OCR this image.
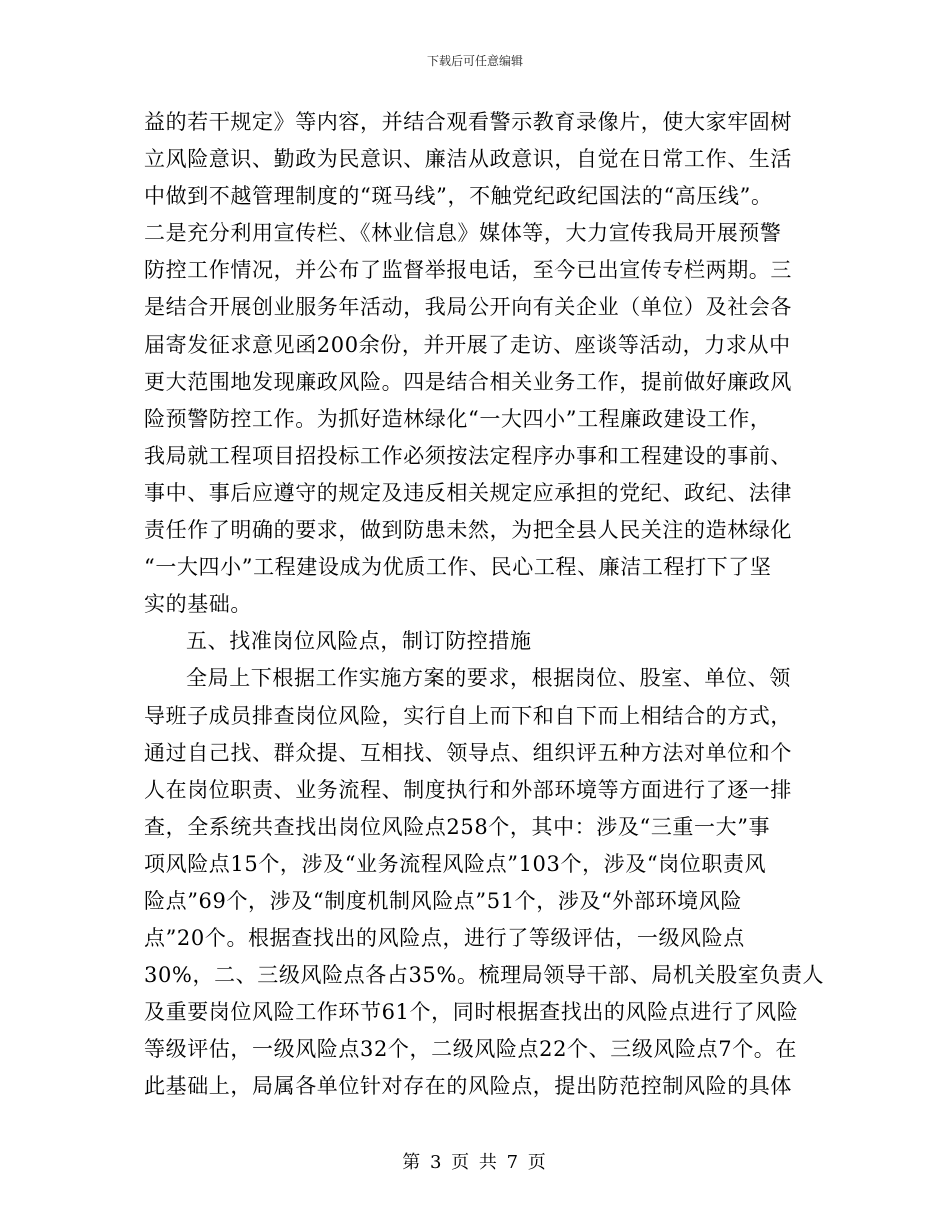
下载后可任意编辑
益的若干规定》等内容，并结合观看警示教育录像片，使大家牢固树
立风险意识、勤政为民意识、廉洁从政意识，自觉在日常工作、生活
中做到不越管理制度的“斑马线”，不触党纪政纪国法的“高压线”。
二是充分利用宣传栏、《林业信息》媒体等，大力宣传我局开展预警
防控工作情况，并公布了监督举报电话，至今已出宣传专栏两期。三
是结合开展创业服务年活动，我局公开向有关企业（单位）及社会各
届寄发征求意见函200余份，并开展了走访、座谈等活动，力求从中
更大范围地发现廉政风险。四是结合相关业务工作，提前做好廉政风
险预警防控工作。为抓好造林绿化“一大四小”工程廉政建设工作，
我局就工程项目招投标工作必须按法定程序办事和工程建设的事前、
事中、事后应遵守的规定及违反相关规定应承担的党纪、政纪、法律
责任作了明确的要求，做到防患未然，为把全县人民关注的造林绿化
“一大四小”工程建设成为优质工作、民心工程、廉洁工程打下了坚
实的基础。
五、找准岗位风险点，制订防控措施
全局上下根据工作实施方案的要求，根据岗位、股室、单位、领
导班子成员排查岗位风险，实行自上而下和自下而上相结合的方式，
通过自己找、群众提、互相找、领导点、组织评五种方法对单位和个
人在岗位职责、业务流程、制度执行和外部环境等方面进行了逐一排
查，全系统共查找出岗位风险点258个，其中：涉及“三重一大”事
项风险点15个，涉及“业务流程风险点”103个，涉及“岗位职责风
险点”69个，涉及“制度机制风险点”51个，涉及“外部环境风险
点”20个。根据查找出的风险点，进行了等级评估，一级风险点
30%，二、三级风险点各占35%。梳理局领导干部、局机关股室负责人
及重要岗位风险工作环节61个，同时根据查找出的风险点进行了风险
等级评估，一级风险点32个，二级风险点22个、三级风险点7个。在
此基础上，局属各单位针对存在的风险点，提出防范控制风险的具体
第 3 页 共 7 页
